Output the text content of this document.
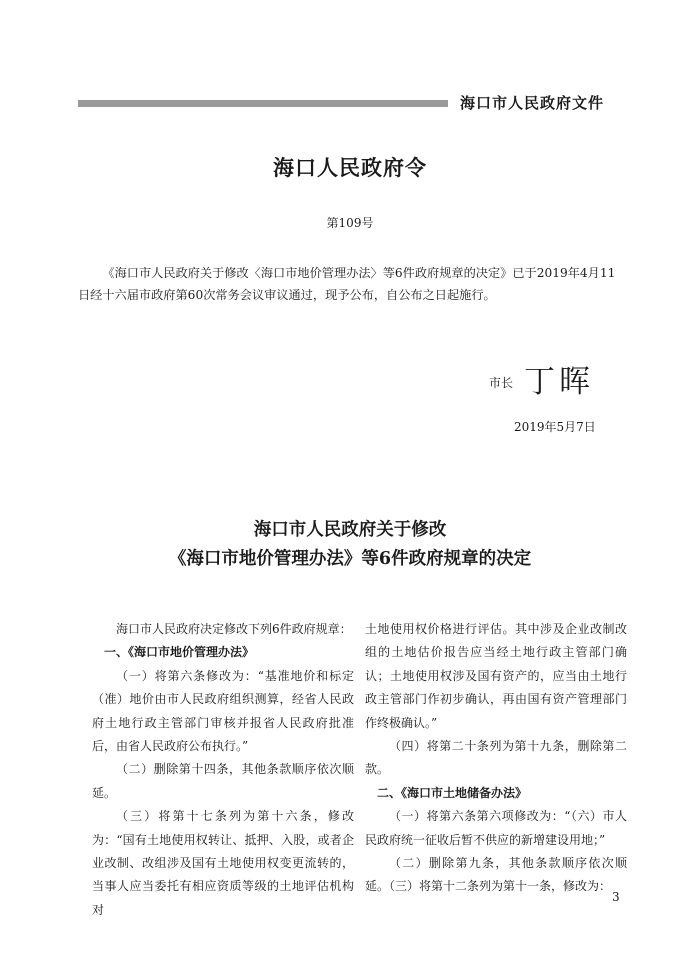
海口市人民政府文件
海口人民政府令
第109号

《海口市人民政府关于修改〈海口市地价管理办法〉等6件政府规章的决定》已于2019年4月11日经十六届市政府第60次常务会议审议通过，现予公布，自公布之日起施行。

市长 丁晖
2019年5月7日
海口市人民政府关于修改
《海口市地价管理办法》等6件政府规章的决定

海口市人民政府决定修改下列6件政府规章：

一、《海口市地价管理办法》

（一）将第六条修改为：“基准地价和标定（准）地价由市人民政府组织测算，经省人民政府土地行政主管部门审核并报省人民政府批准后，由省人民政府公布执行。”

（二）删除第十四条，其他条款顺序依次顺延。

（三）将第十七条列为第十六条，修改为：“国有土地使用权转让、抵押、入股，或者企业改制、改组涉及国有土地使用权变更流转的，当事人应当委托有相应资质等级的土地评估机构对

土地使用权价格进行评估。其中涉及企业改制改组的土地估价报告应当经土地行政主管部门确认；土地使用权涉及国有资产的，应当由土地行政主管部门作初步确认，再由国有资产管理部门作终极确认。”

（四）将第二十条列为第十九条，删除第二款。

二、《海口市土地储备办法》

（一）将第六条第六项修改为：“（六）市人民政府统一征收后暂不供应的新增建设用地；”

（二）删除第九条，其他条款顺序依次顺延。（三）将第十二条列为第十一条，修改为：

3
